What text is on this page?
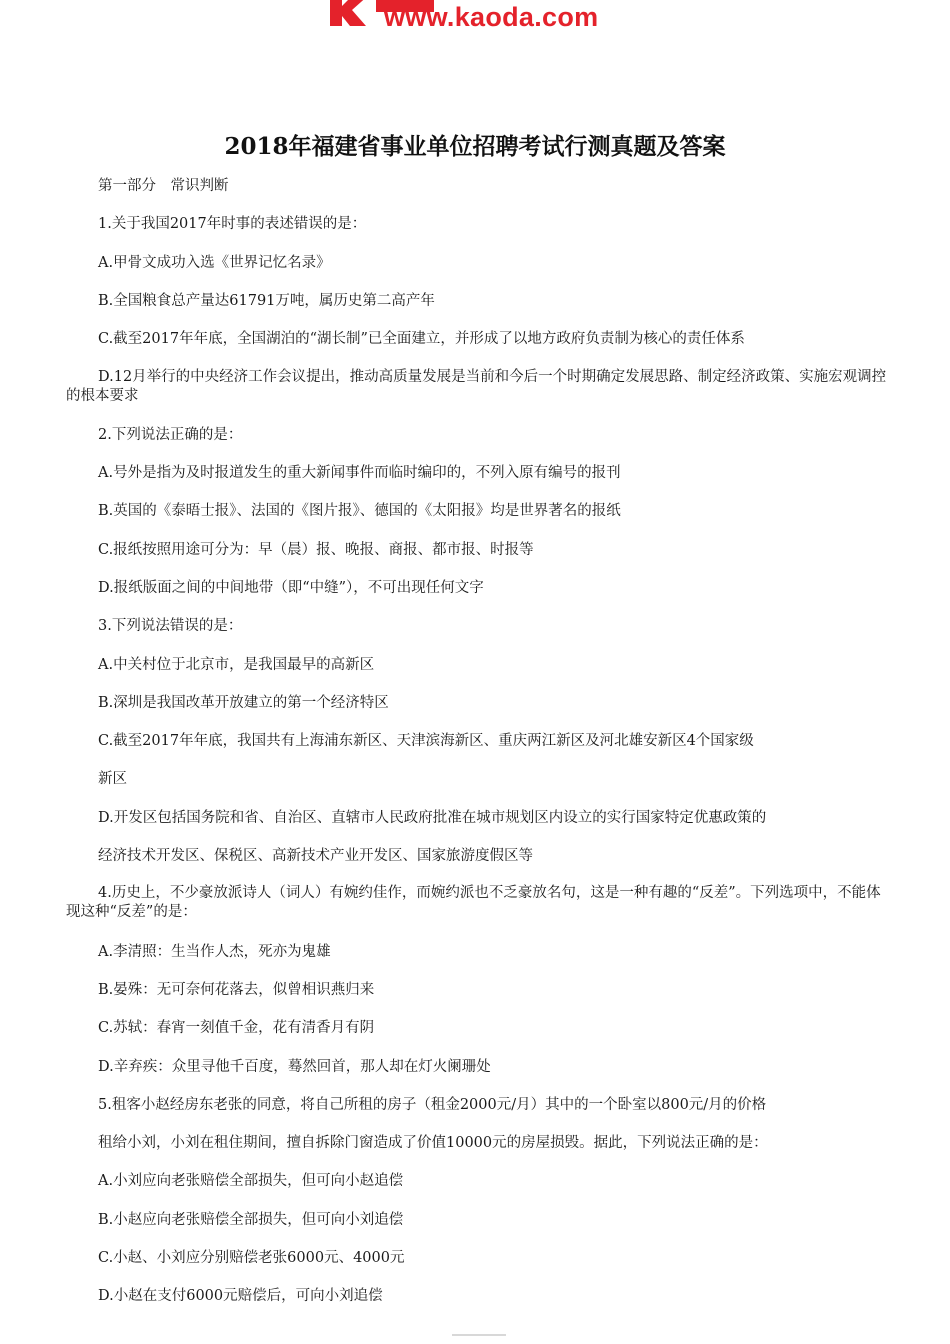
www.kaoda.com
2018年福建省事业单位招聘考试行测真题及答案
第一部分　常识判断
1.关于我国2017年时事的表述错误的是：
A.甲骨文成功入选《世界记忆名录》
B.全国粮食总产量达61791万吨，属历史第二高产年
C.截至2017年年底，全国湖泊的“湖长制”已全面建立，并形成了以地方政府负责制为核心的责任体系
D.12月举行的中央经济工作会议提出，推动高质量发展是当前和今后一个时期确定发展思路、制定经济政策、实施宏观调控的根本要求
2.下列说法正确的是：
A.号外是指为及时报道发生的重大新闻事件而临时编印的，不列入原有编号的报刊
B.英国的《泰晤士报》、法国的《图片报》、德国的《太阳报》均是世界著名的报纸
C.报纸按照用途可分为：早（晨）报、晚报、商报、都市报、时报等
D.报纸版面之间的中间地带（即“中缝”），不可出现任何文字
3.下列说法错误的是：
A.中关村位于北京市，是我国最早的高新区
B.深圳是我国改革开放建立的第一个经济特区
C.截至2017年年底，我国共有上海浦东新区、天津滨海新区、重庆两江新区及河北雄安新区4个国家级
新区
D.开发区包括国务院和省、自治区、直辖市人民政府批准在城市规划区内设立的实行国家特定优惠政策的
经济技术开发区、保税区、高新技术产业开发区、国家旅游度假区等
4.历史上，不少豪放派诗人（词人）有婉约佳作，而婉约派也不乏豪放名句，这是一种有趣的“反差”。下列选项中，不能体现这种“反差”的是：
A.李清照：生当作人杰，死亦为鬼雄
B.晏殊：无可奈何花落去，似曾相识燕归来
C.苏轼：春宵一刻值千金，花有清香月有阴
D.辛弃疾：众里寻他千百度，蓦然回首，那人却在灯火阑珊处
5.租客小赵经房东老张的同意，将自己所租的房子（租金2000元/月）其中的一个卧室以800元/月的价格
租给小刘，小刘在租住期间，擅自拆除门窗造成了价值10000元的房屋损毁。据此，下列说法正确的是：
A.小刘应向老张赔偿全部损失，但可向小赵追偿
B.小赵应向老张赔偿全部损失，但可向小刘追偿
C.小赵、小刘应分别赔偿老张6000元、4000元
D.小赵在支付6000元赔偿后，可向小刘追偿
